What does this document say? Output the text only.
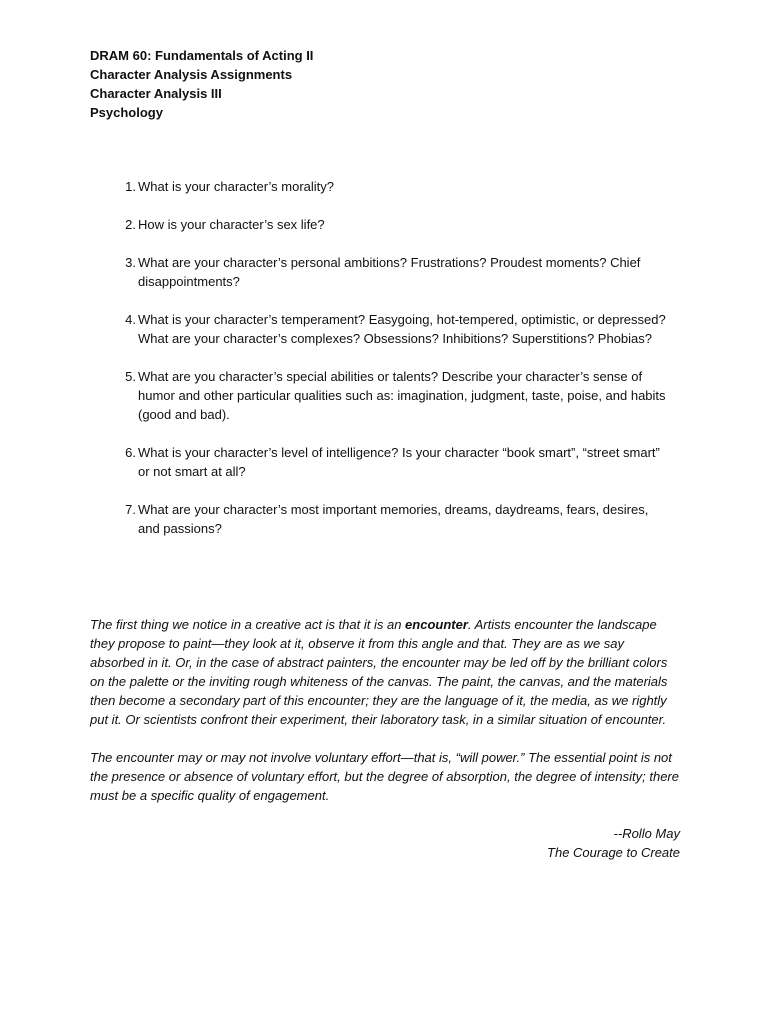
DRAM 60: Fundamentals of Acting II

Character Analysis Assignments

Character Analysis III

Psychology

1. What is your character’s morality?
2. How is your character’s sex life?
3. What are your character’s personal ambitions? Frustrations? Proudest moments? Chief disappointments?
4. What is your character’s temperament? Easygoing, hot-tempered, optimistic, or depressed? What are your character’s complexes? Obsessions? Inhibitions? Superstitions? Phobias?
5. What are you character’s special abilities or talents? Describe your character’s sense of humor and other particular qualities such as: imagination, judgment, taste, poise, and habits (good and bad).
6. What is your character’s level of intelligence? Is your character “book smart”, “street smart” or not smart at all?
7. What are your character’s most important memories, dreams, daydreams, fears, desires, and passions?

The first thing we notice in a creative act is that it is an encounter. Artists encounter the landscape they propose to paint—they look at it, observe it from this angle and that. They are as we say absorbed in it. Or, in the case of abstract painters, the encounter may be led off by the brilliant colors on the palette or the inviting rough whiteness of the canvas. The paint, the canvas, and the materials then become a secondary part of this encounter; they are the language of it, the media, as we rightly put it. Or scientists confront their experiment, their laboratory task, in a similar situation of encounter.

The encounter may or may not involve voluntary effort—that is, “will power.” The essential point is not the presence or absence of voluntary effort, but the degree of absorption, the degree of intensity; there must be a specific quality of engagement.

--Rollo May
The Courage to Create
